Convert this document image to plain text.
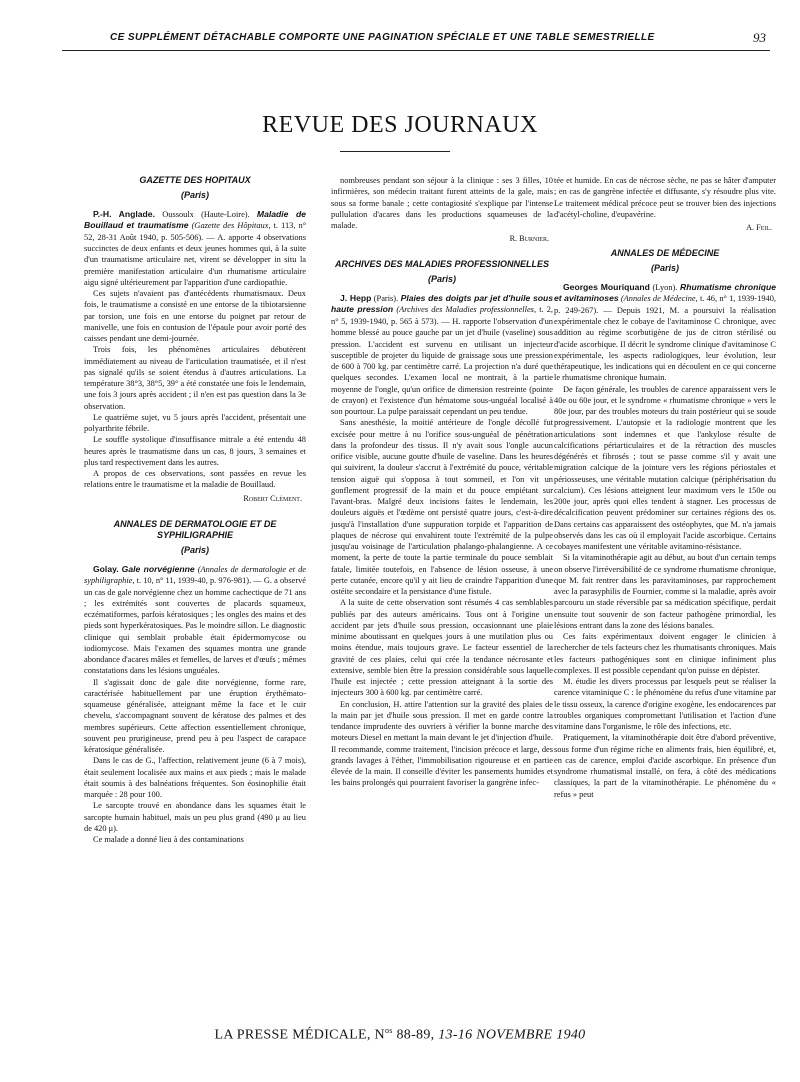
CE SUPPLÉMENT DÉTACHABLE COMPORTE UNE PAGINATION SPÉCIALE ET UNE TABLE SEMESTRIELLE	93
REVUE DES JOURNAUX
GAZETTE DES HOPITAUX
(Paris)

P.-H. Anglade. Oussoulx (Haute-Loire). Maladie de Bouillaud et traumatisme (Gazette des Hôpitaux, t. 113, n° 52, 28-31 Août 1940, p. 505-506). — A. apporte 4 observations succinctes de deux enfants et deux jeunes hommes qui, à la suite d'un traumatisme articulaire net, virent se développer in situ la première manifestation articulaire d'un rhumatisme articulaire aigu signé ultérieurement par l'apparition d'une cardiopathie.

Ces sujets n'avaient pas d'antécédents rhumatismaux. Deux fois, le traumatisme a consisté en une entorse de la tibiotarsienne par torsion, une fois en une entorse du poignet par retour de manivelle, une fois en contusion de l'épaule pour avoir porté des caisses pendant une demi-journée.

Trois fois, les phénomènes articulaires débutèrent immédiatement au niveau de l'articulation traumatisée, et il n'est pas signalé qu'ils se soient étendus à d'autres articulations. La température 38°3, 38°5, 39° a été constatée une fois le lendemain, une fois 3 jours après accident ; il n'en est pas question dans la 3e observation.

Le quatrième sujet, vu 5 jours après l'accident, présentait une polyarthrite fébrile.

Le souffle systolique d'insuffisance mitrale a été entendu 48 heures après le traumatisme dans un cas, 8 jours, 3 semaines et plus tard respectivement dans les autres.

A propos de ces observations, sont passées en revue les relations entre le traumatisme et la maladie de Bouillaud.

Robert Clément.
ANNALES DE DERMATOLOGIE ET DE SYPHILIGRAPHIE
(Paris)

Golay. Gale norvégienne (Annales de dermatologie et de syphiligraphie, t. 10, n° 11, 1939-40, p. 976-981). — G. a observé un cas de gale norvégienne chez un homme cachectique de 71 ans ; les extrémités sont couvertes de placards squameux, eczématiformes, parfois kératosiques ; les ongles des mains et des pieds sont hyperkératosiques. Pas le moindre sillon. Le diagnostic clinique qui semblait probable était épidermomycose ou iodiomycose. Mais l'examen des squames montra une grande abondance d'acares mâles et femelles, de larves et d'œufs ; mêmes constatations dans les lésions unguéales.

Il s'agissait donc de gale dite norvégienne, forme rare, caractérisée habituellement par une éruption érythémato-squameuse généralisée, atteignant même la face et le cuir chevelu, s'accompagnant souvent de kératose des palmes et des membres supérieurs. Cette affection essentiellement chronique, souvent peu prurigineuse, prend peu à peu l'aspect de carapace kératosique généralisée.

Dans le cas de G., l'affection, relativement jeune (6 à 7 mois), était seulement localisée aux mains et aux pieds ; mais le malade était soumis à des balnéations fréquentes. Son éosinophilie était marquée : 28 pour 100.

Le sarcopte trouvé en abondance dans les squames était le sarcopte humain habituel, mais un peu plus grand (490 μ au lieu de 420 μ).

Ce malade a donné lieu à des contaminations

nombreuses pendant son séjour à la clinique : ses 3 filles, 10 infirmières, son médecin traitant furent atteints de la gale, mais sous sa forme banale ; cette contagiosité s'explique par l'intense pullulation d'acares dans les productions squameuses de la malade.

R. Burnier.
ARCHIVES DES MALADIES PROFESSIONNELLES
(Paris)

J. Hepp (Paris). Plaies des doigts par jet d'huile sous haute pression (Archives des Maladies professionnelles, t. 2, n° 5, 1939-1940, p. 565 à 573). — H. rapporte l'observation d'un homme blessé au pouce gauche par un jet d'huile (vaseline) sous pression. L'accident est survenu en utilisant un injecteur susceptible de projeter du liquide de graissage sous une pression de 600 à 700 kg. par centimètre carré. La projection n'a duré que quelques secondes. L'examen local ne montrait, à la partie moyenne de l'ongle, qu'un orifice de dimension restreinte (pointe de crayon) et l'existence d'un hématome sous-unguéal localisé à son pourtour. La pulpe paraissait cependant un peu tendue.

Sans anesthésie, la moitié antérieure de l'ongle décollé fut excisée pour mettre à nu l'orifice sous-unguéal de pénétration dans la profondeur des tissus. Il n'y avait sous l'ongle aucun orifice visible, aucune goutte d'huile de vaseline. Dans les heures qui suivirent, la douleur s'accrut à l'extrémité du pouce, véritable tension aiguë qui s'opposa à tout sommeil, et l'on vit un gonflement progressif de la main et du pouce empiétant sur l'avant-bras. Malgré deux incisions faites le lendemain, les douleurs aiguës et l'œdème ont persisté quatre jours, c'est-à-dire jusqu'à l'installation d'une suppuration torpide et l'apparition de plaques de nécrose qui envahirent toute l'extrémité de la pulpe jusqu'au voisinage de l'articulation phalango-phalangienne. A ce moment, la perte de toute la partie terminale du pouce semblait fatale, limitée toutefois, en l'absence de lésion osseuse, à une perte cutanée, encore qu'il y ait lieu de craindre l'apparition d'une ostéite secondaire et la persistance d'une fistule.

A la suite de cette observation sont résumés 4 cas semblables publiés par des auteurs américains. Tous ont à l'origine un accident par jets d'huile sous pression, occasionnant une plaie minime aboutissant en quelques jours à une mutilation plus ou moins étendue, mais toujours grave. Le facteur essentiel de la gravité de ces plaies, celui qui crée la tendance nécrosante et extensive, semble bien être la pression considérable sous laquelle l'huile est injectée ; cette pression atteignant à la sortie des injecteurs 300 à 600 kg. par centimètre carré.

En conclusion, H. attire l'attention sur la gravité des plaies de la main par jet d'huile sous pression. Il met en garde contre la tendance imprudente des ouvriers à vérifier la bonne marche des moteurs Diesel en mettant la main devant le jet d'injection d'huile. Il recommande, comme traitement, l'incision précoce et large, des grands lavages à l'éther, l'immobilisation rigoureuse et en partie élevée de la main. Il conseille d'éviter les pansements humides et les bains prolongés qui pourraient favoriser la gangrène infec-

tée et humide. En cas de nécrose sèche, ne pas se hâter d'amputer ; en cas de gangrène infectée et diffusante, s'y résoudre plus vite. Le traitement médical précoce peut se trouver bien des injections d'acétyl-choline, d'eupavérine.

A. Feil.
ANNALES DE MÉDECINE
(Paris)

Georges Mouriquand (Lyon). Rhumatisme chronique et avitaminoses (Annales de Médecine, t. 46, n° 1, 1939-1940, p. 249-267). — Depuis 1921, M. a poursuivi la réalisation expérimentale chez le cobaye de l'avitaminose C chronique, avec addition au régime scorbutigène de jus de citron stérilisé ou d'acide ascorbique. Il décrit le syndrome clinique d'avitaminose C expérimentale, les aspects radiologiques, leur évolution, leur thérapeutique, les indications qui en découlent en ce qui concerne le rhumatisme chronique humain.

De façon générale, les troubles de carence apparaissent vers le 40e ou 60e jour, et le syndrome « rhumatisme chronique » vers le 80e jour, par des troubles moteurs du train postérieur qui se soude progressivement. L'autopsie et la radiologie montrent que les articulations sont indemnes et que l'ankylose résulte de calcifications périarticulaires et de la rétraction des muscles dégénérés et fibrosés ; tout se passe comme s'il y avait une migration calcique de la jointure vers les régions périostales et périosseuses, une véritable mutation calcique (périphérisation du calcium). Ces lésions atteignent leur maximum vers le 150e ou 200e jour, après quoi elles tendent à stagner. Les processus de décalcification peuvent prédominer sur certaines régions des os. Dans certains cas apparaissent des ostéophytes, que M. n'a jamais observés dans les cas où il employait l'acide ascorbique. Certains cobayes manifestent une véritable avitamino-résistance.

Si la vitaminothérapie agit au début, au bout d'un certain temps on observe l'irréversibilité de ce syndrome rhumatisme chronique, que M. fait rentrer dans les paravitaminoses, par rapprochement avec la parasyphilis de Fournier, comme si la maladie, après avoir parcouru un stade réversible par sa médication spécifique, perdait ensuite tout souvenir de son facteur pathogène primordial, les lésions entrant dans la zone des lésions banales.

Ces faits expérimentaux doivent engager le clinicien à rechercher de tels facteurs chez les rhumatisants chroniques. Mais les facteurs pathogéniques sont en clinique infiniment plus complexes. Il est possible cependant qu'on puisse en dépister.

M. étudie les divers processus par lesquels peut se réaliser la carence vitaminique C : le phénomène du refus d'une vitamine par le tissu osseux, la carence d'origine exogène, les endocarences par troubles organiques compromettant l'utilisation et l'action d'une vitamine dans l'organisme, le rôle des infections, etc.

Pratiquement, la vitaminothérapie doit être d'abord préventive, sous forme d'un régime riche en aliments frais, bien équilibré, et, en cas de carence, emploi d'acide ascorbique. En présence d'un syndrome rhumatismal installé, on fera, à côté des médications classiques, la part de la vitaminothérapie. Le phénomène du « refus » peut

LA PRESSE MÉDICALE, $N^{os}$ 88-89, 13-16 NOVEMBRE 1940
